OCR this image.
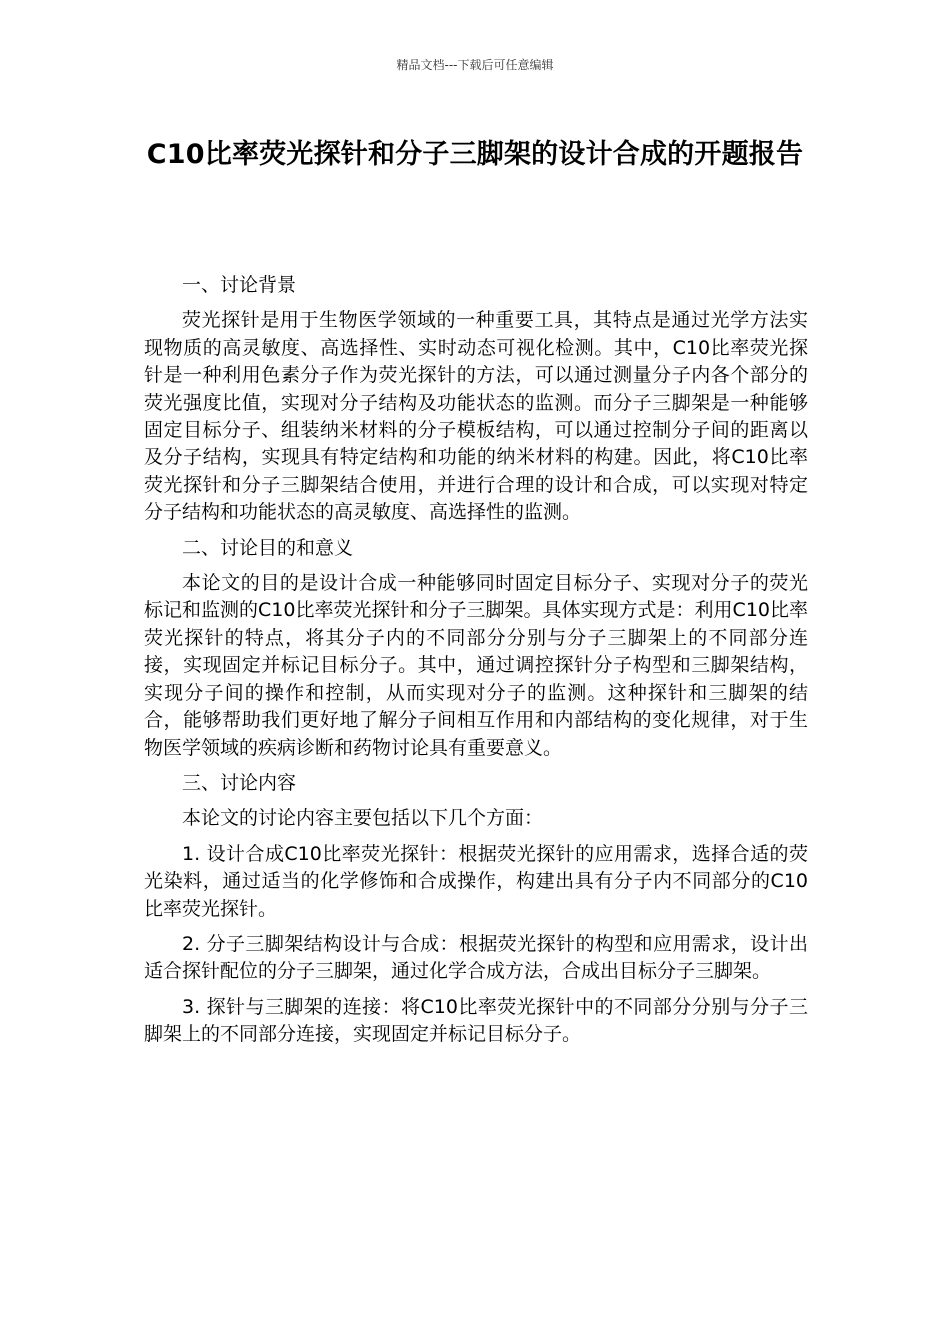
精品文档---下载后可任意编辑
C10比率荧光探针和分子三脚架的设计合成的开题报告

一、讨论背景

荧光探针是用于生物医学领域的一种重要工具，其特点是通过光学方法实现物质的高灵敏度、高选择性、实时动态可视化检测。其中，C10比率荧光探针是一种利用色素分子作为荧光探针的方法，可以通过测量分子内各个部分的荧光强度比值，实现对分子结构及功能状态的监测。而分子三脚架是一种能够固定目标分子、组装纳米材料的分子模板结构，可以通过控制分子间的距离以及分子结构，实现具有特定结构和功能的纳米材料的构建。因此，将C10比率荧光探针和分子三脚架结合使用，并进行合理的设计和合成，可以实现对特定分子结构和功能状态的高灵敏度、高选择性的监测。

二、讨论目的和意义

本论文的目的是设计合成一种能够同时固定目标分子、实现对分子的荧光标记和监测的C10比率荧光探针和分子三脚架。具体实现方式是：利用C10比率荧光探针的特点，将其分子内的不同部分分别与分子三脚架上的不同部分连接，实现固定并标记目标分子。其中，通过调控探针分子构型和三脚架结构，实现分子间的操作和控制，从而实现对分子的监测。这种探针和三脚架的结合，能够帮助我们更好地了解分子间相互作用和内部结构的变化规律，对于生物医学领域的疾病诊断和药物讨论具有重要意义。

三、讨论内容

本论文的讨论内容主要包括以下几个方面：

1. 设计合成C10比率荧光探针：根据荧光探针的应用需求，选择合适的荧光染料，通过适当的化学修饰和合成操作，构建出具有分子内不同部分的C10比率荧光探针。

2. 分子三脚架结构设计与合成：根据荧光探针的构型和应用需求，设计出适合探针配位的分子三脚架，通过化学合成方法，合成出目标分子三脚架。

3. 探针与三脚架的连接：将C10比率荧光探针中的不同部分分别与分子三脚架上的不同部分连接，实现固定并标记目标分子。
